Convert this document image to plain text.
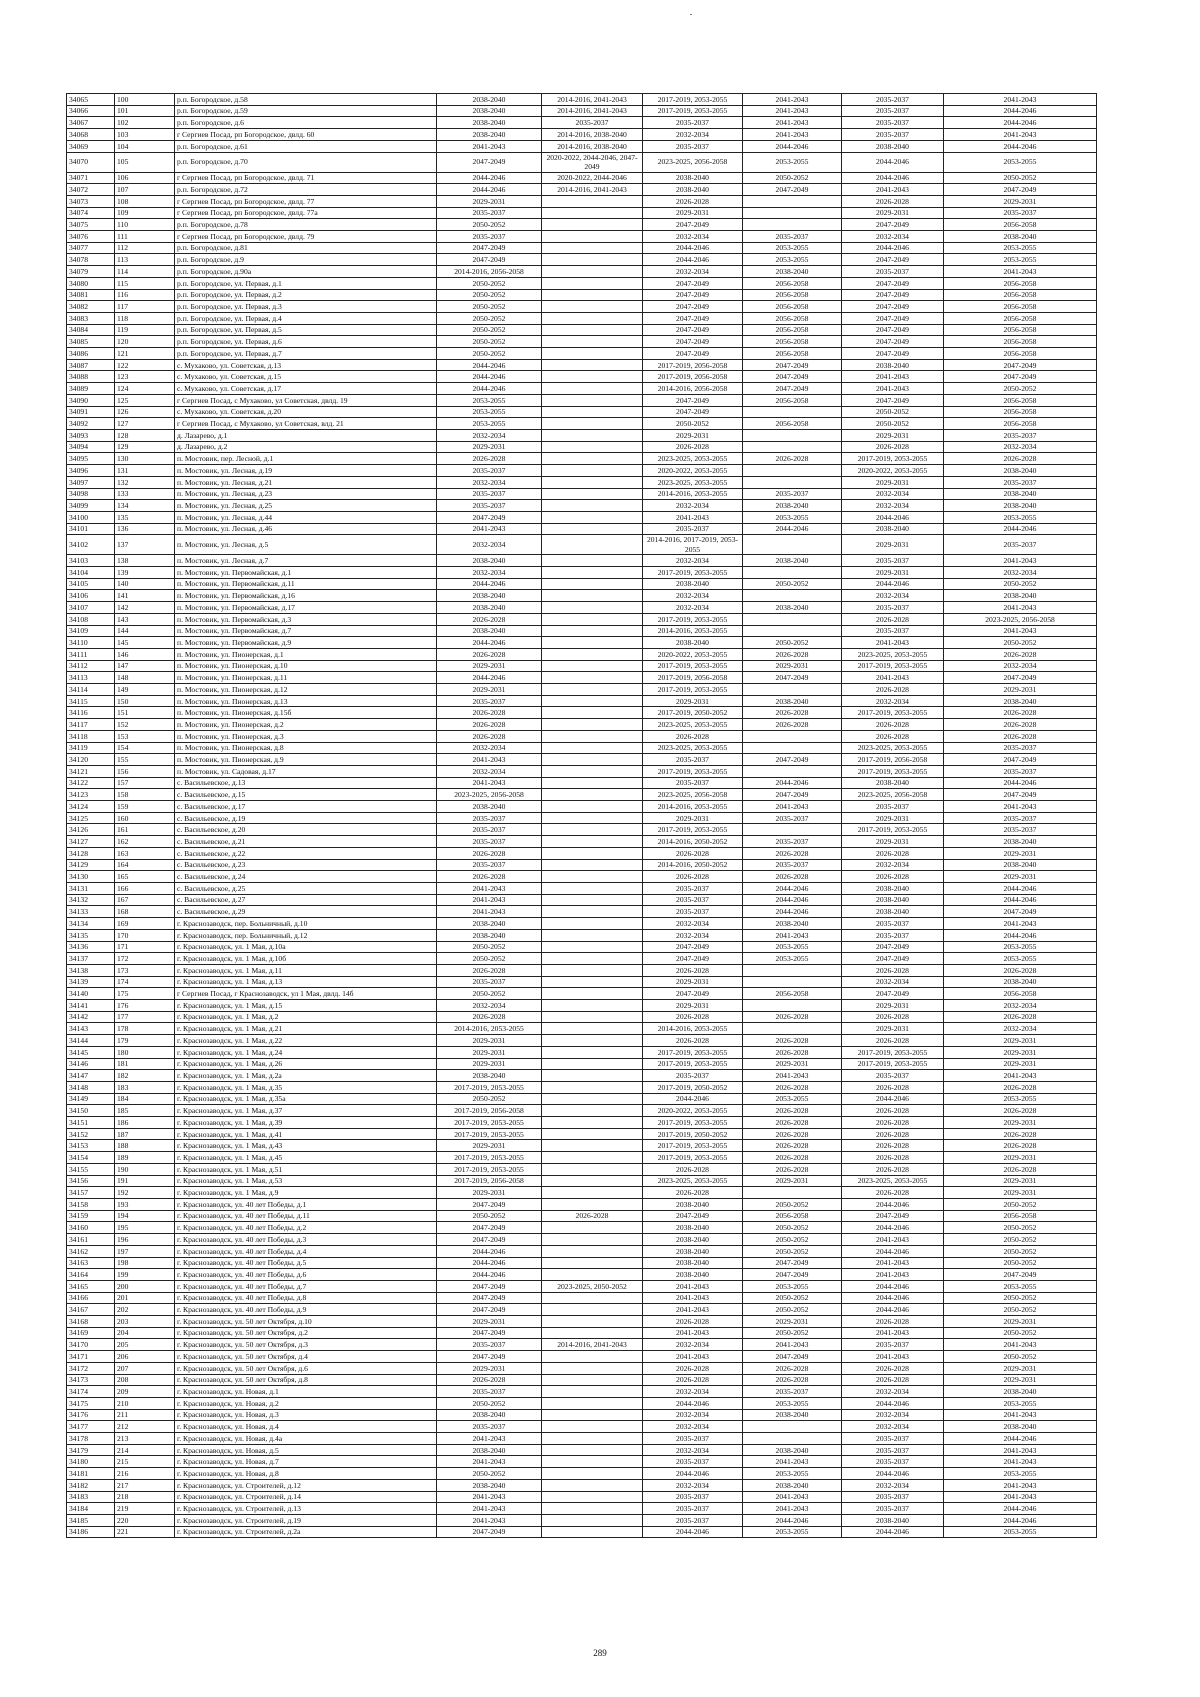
34065	100	р.п. Богородское, д.58	2038-2040	2014-2016, 2041-2043	2017-2019, 2053-2055	2041-2043	2035-2037	2041-2043
34066	101	р.п. Богородское, д.59	2038-2040	2014-2016, 2041-2043	2017-2019, 2053-2055	2041-2043	2035-2037	2044-2046
34067	102	р.п. Богородское, д.6	2038-2040	2035-2037	2035-2037	2041-2043	2035-2037	2044-2046
34068	103	г Сергиев Посад, рп Богородское, двлд. 60	2038-2040	2014-2016, 2038-2040	2032-2034	2041-2043	2035-2037	2041-2043
34069	104	р.п. Богородское, д.61	2041-2043	2014-2016, 2038-2040	2035-2037	2044-2046	2038-2040	2044-2046
34070	105	р.п. Богородское, д.70	2047-2049	2020-2022, 2044-2046, 2047-2049	2023-2025, 2056-2058	2053-2055	2044-2046	2053-2055
34071	106	г Сергиев Посад, рп Богородское, двлд. 71	2044-2046	2020-2022, 2044-2046	2038-2040	2050-2052	2044-2046	2050-2052
34072	107	р.п. Богородское, д.72	2044-2046	2014-2016, 2041-2043	2038-2040	2047-2049	2041-2043	2047-2049
34073	108	г Сергиев Посад, рп Богородское, двлд. 77	2029-2031		2026-2028		2026-2028	2029-2031
34074	109	г Сергиев Посад, рп Богородское, двлд. 77а	2035-2037		2029-2031		2029-2031	2035-2037
34075	110	р.п. Богородское, д.78	2050-2052		2047-2049		2047-2049	2056-2058
34076	111	г Сергиев Посад, рп Богородское, двлд. 79	2035-2037		2032-2034	2035-2037	2032-2034	2038-2040
34077	112	р.п. Богородское, д.81	2047-2049		2044-2046	2053-2055	2044-2046	2053-2055
34078	113	р.п. Богородское, д.9	2047-2049		2044-2046	2053-2055	2047-2049	2053-2055
34079	114	р.п. Богородское, д.90а	2014-2016, 2056-2058		2032-2034	2038-2040	2035-2037	2041-2043
34080	115	р.п. Богородское, ул. Первая, д.1	2050-2052		2047-2049	2056-2058	2047-2049	2056-2058
34081	116	р.п. Богородское, ул. Первая, д.2	2050-2052		2047-2049	2056-2058	2047-2049	2056-2058
34082	117	р.п. Богородское, ул. Первая, д.3	2050-2052		2047-2049	2056-2058	2047-2049	2056-2058
34083	118	р.п. Богородское, ул. Первая, д.4	2050-2052		2047-2049	2056-2058	2047-2049	2056-2058
34084	119	р.п. Богородское, ул. Первая, д.5	2050-2052		2047-2049	2056-2058	2047-2049	2056-2058
34085	120	р.п. Богородское, ул. Первая, д.6	2050-2052		2047-2049	2056-2058	2047-2049	2056-2058
34086	121	р.п. Богородское, ул. Первая, д.7	2050-2052		2047-2049	2056-2058	2047-2049	2056-2058
34087	122	с. Мухаково, ул. Советская, д.13	2044-2046		2017-2019, 2056-2058	2047-2049	2038-2040	2047-2049
34088	123	с. Мухаково, ул. Советская, д.15	2044-2046		2017-2019, 2056-2058	2047-2049	2041-2043	2047-2049
34089	124	с. Мухаково, ул. Советская, д.17	2044-2046		2014-2016, 2056-2058	2047-2049	2041-2043	2050-2052
34090	125	г Сергиев Посад, с Мухаково, ул Советская, двлд. 19	2053-2055		2047-2049	2056-2058	2047-2049	2056-2058
34091	126	с. Мухаково, ул. Советская, д.20	2053-2055		2047-2049		2050-2052	2056-2058
34092	127	г Сергиев Посад, с Мухаково, ул Советская, влд. 21	2053-2055		2050-2052	2056-2058	2050-2052	2056-2058
34093	128	д. Лазарево, д.1	2032-2034		2029-2031		2029-2031	2035-2037
34094	129	д. Лазарево, д.2	2029-2031		2026-2028		2026-2028	2032-2034
34095	130	п. Мостовик, пер. Лесной, д.1	2026-2028		2023-2025, 2053-2055	2026-2028	2017-2019, 2053-2055	2026-2028
34096	131	п. Мостовик, ул. Лесная, д.19	2035-2037		2020-2022, 2053-2055		2020-2022, 2053-2055	2038-2040
34097	132	п. Мостовик, ул. Лесная, д.21	2032-2034		2023-2025, 2053-2055		2029-2031	2035-2037
34098	133	п. Мостовик, ул. Лесная, д.23	2035-2037		2014-2016, 2053-2055	2035-2037	2032-2034	2038-2040
34099	134	п. Мостовик, ул. Лесная, д.25	2035-2037		2032-2034	2038-2040	2032-2034	2038-2040
34100	135	п. Мостовик, ул. Лесная, д.44	2047-2049		2041-2043	2053-2055	2044-2046	2053-2055
34101	136	п. Мостовик, ул. Лесная, д.46	2041-2043		2035-2037	2044-2046	2038-2040	2044-2046
34102	137	п. Мостовик, ул. Лесная, д.5	2032-2034		2014-2016, 2017-2019, 2053-2055		2029-2031	2035-2037
34103	138	п. Мостовик, ул. Лесная, д.7	2038-2040		2032-2034	2038-2040	2035-2037	2041-2043
34104	139	п. Мостовик, ул. Первомайская, д.1	2032-2034		2017-2019, 2053-2055		2029-2031	2032-2034
34105	140	п. Мостовик, ул. Первомайская, д.11	2044-2046		2038-2040	2050-2052	2044-2046	2050-2052
34106	141	п. Мостовик, ул. Первомайская, д.16	2038-2040		2032-2034		2032-2034	2038-2040
34107	142	п. Мостовик, ул. Первомайская, д.17	2038-2040		2032-2034	2038-2040	2035-2037	2041-2043
34108	143	п. Мостовик, ул. Первомайская, д.3	2026-2028		2017-2019, 2053-2055		2026-2028	2023-2025, 2056-2058
34109	144	п. Мостовик, ул. Первомайская, д.7	2038-2040		2014-2016, 2053-2055		2035-2037	2041-2043
34110	145	п. Мостовик, ул. Первомайская, д.9	2044-2046		2038-2040	2050-2052	2041-2043	2050-2052
34111	146	п. Мостовик, ул. Пионерская, д.1	2026-2028		2020-2022, 2053-2055	2026-2028	2023-2025, 2053-2055	2026-2028
34112	147	п. Мостовик, ул. Пионерская, д.10	2029-2031		2017-2019, 2053-2055	2029-2031	2017-2019, 2053-2055	2032-2034
34113	148	п. Мостовик, ул. Пионерская, д.11	2044-2046		2017-2019, 2056-2058	2047-2049	2041-2043	2047-2049
34114	149	п. Мостовик, ул. Пионерская, д.12	2029-2031		2017-2019, 2053-2055		2026-2028	2029-2031
34115	150	п. Мостовик, ул. Пионерская, д.13	2035-2037		2029-2031	2038-2040	2032-2034	2038-2040
34116	151	п. Мостовик, ул. Пионерская, д.15б	2026-2028		2017-2019, 2050-2052	2026-2028	2017-2019, 2053-2055	2026-2028
34117	152	п. Мостовик, ул. Пионерская, д.2	2026-2028		2023-2025, 2053-2055	2026-2028	2026-2028	2026-2028
34118	153	п. Мостовик, ул. Пионерская, д.3	2026-2028		2026-2028		2026-2028	2026-2028
34119	154	п. Мостовик, ул. Пионерская, д.8	2032-2034		2023-2025, 2053-2055		2023-2025, 2053-2055	2035-2037
34120	155	п. Мостовик, ул. Пионерская, д.9	2041-2043		2035-2037	2047-2049	2017-2019, 2056-2058	2047-2049
34121	156	п. Мостовик, ул. Садовая, д.17	2032-2034		2017-2019, 2053-2055		2017-2019, 2053-2055	2035-2037
34122	157	с. Васильевское, д.13	2041-2043		2035-2037	2044-2046	2038-2040	2044-2046
34123	158	с. Васильевское, д.15	2023-2025, 2056-2058		2023-2025, 2056-2058	2047-2049	2023-2025, 2056-2058	2047-2049
34124	159	с. Васильевское, д.17	2038-2040		2014-2016, 2053-2055	2041-2043	2035-2037	2041-2043
34125	160	с. Васильевское, д.19	2035-2037		2029-2031	2035-2037	2029-2031	2035-2037
34126	161	с. Васильевское, д.20	2035-2037		2017-2019, 2053-2055		2017-2019, 2053-2055	2035-2037
34127	162	с. Васильевское, д.21	2035-2037		2014-2016, 2050-2052	2035-2037	2029-2031	2038-2040
34128	163	с. Васильевское, д.22	2026-2028		2026-2028	2026-2028	2026-2028	2029-2031
34129	164	с. Васильевское, д.23	2035-2037		2014-2016, 2050-2052	2035-2037	2032-2034	2038-2040
34130	165	с. Васильевское, д.24	2026-2028		2026-2028	2026-2028	2026-2028	2029-2031
34131	166	с. Васильевское, д.25	2041-2043		2035-2037	2044-2046	2038-2040	2044-2046
34132	167	с. Васильевское, д.27	2041-2043		2035-2037	2044-2046	2038-2040	2044-2046
34133	168	с. Васильевское, д.29	2041-2043		2035-2037	2044-2046	2038-2040	2047-2049
34134	169	г. Краснозаводск, пер. Больничный, д.10	2038-2040		2032-2034	2038-2040	2035-2037	2041-2043
34135	170	г. Краснозаводск, пер. Больничный, д.12	2038-2040		2032-2034	2041-2043	2035-2037	2044-2046
34136	171	г. Краснозаводск, ул. 1 Мая, д.10а	2050-2052		2047-2049	2053-2055	2047-2049	2053-2055
34137	172	г. Краснозаводск, ул. 1 Мая, д.10б	2050-2052		2047-2049	2053-2055	2047-2049	2053-2055
34138	173	г. Краснозаводск, ул. 1 Мая, д.11	2026-2028		2026-2028		2026-2028	2026-2028
34139	174	г. Краснозаводск, ул. 1 Мая, д.13	2035-2037		2029-2031		2032-2034	2038-2040
34140	175	г Сергиев Посад, г Краснозаводск, ул 1 Мая, двлд. 14б	2050-2052		2047-2049	2056-2058	2047-2049	2056-2058
34141	176	г. Краснозаводск, ул. 1 Мая, д.15	2032-2034		2029-2031		2029-2031	2032-2034
34142	177	г. Краснозаводск, ул. 1 Мая, д.2	2026-2028		2026-2028	2026-2028	2026-2028	2026-2028
34143	178	г. Краснозаводск, ул. 1 Мая, д.21	2014-2016, 2053-2055		2014-2016, 2053-2055		2029-2031	2032-2034
34144	179	г. Краснозаводск, ул. 1 Мая, д.22	2029-2031		2026-2028	2026-2028	2026-2028	2029-2031
34145	180	г. Краснозаводск, ул. 1 Мая, д.24	2029-2031		2017-2019, 2053-2055	2026-2028	2017-2019, 2053-2055	2029-2031
34146	181	г. Краснозаводск, ул. 1 Мая, д.26	2029-2031		2017-2019, 2053-2055	2029-2031	2017-2019, 2053-2055	2029-2031
34147	182	г. Краснозаводск, ул. 1 Мая, д.2а	2038-2040		2035-2037	2041-2043	2035-2037	2041-2043
34148	183	г. Краснозаводск, ул. 1 Мая, д.35	2017-2019, 2053-2055		2017-2019, 2050-2052	2026-2028	2026-2028	2026-2028
34149	184	г. Краснозаводск, ул. 1 Мая, д.35а	2050-2052		2044-2046	2053-2055	2044-2046	2053-2055
34150	185	г. Краснозаводск, ул. 1 Мая, д.37	2017-2019, 2056-2058		2020-2022, 2053-2055	2026-2028	2026-2028	2026-2028
34151	186	г. Краснозаводск, ул. 1 Мая, д.39	2017-2019, 2053-2055		2017-2019, 2053-2055	2026-2028	2026-2028	2029-2031
34152	187	г. Краснозаводск, ул. 1 Мая, д.41	2017-2019, 2053-2055		2017-2019, 2050-2052	2026-2028	2026-2028	2026-2028
34153	188	г. Краснозаводск, ул. 1 Мая, д.43	2029-2031		2017-2019, 2053-2055	2026-2028	2026-2028	2026-2028
34154	189	г. Краснозаводск, ул. 1 Мая, д.45	2017-2019, 2053-2055		2017-2019, 2053-2055	2026-2028	2026-2028	2029-2031
34155	190	г. Краснозаводск, ул. 1 Мая, д.51	2017-2019, 2053-2055		2026-2028	2026-2028	2026-2028	2026-2028
34156	191	г. Краснозаводск, ул. 1 Мая, д.53	2017-2019, 2056-2058		2023-2025, 2053-2055	2029-2031	2023-2025, 2053-2055	2029-2031
34157	192	г. Краснозаводск, ул. 1 Мая, д.9	2029-2031		2026-2028		2026-2028	2029-2031
34158	193	г. Краснозаводск, ул. 40 лет Победы, д.1	2047-2049		2038-2040	2050-2052	2044-2046	2050-2052
34159	194	г. Краснозаводск, ул. 40 лет Победы, д.11	2050-2052	2026-2028	2047-2049	2056-2058	2047-2049	2056-2058
34160	195	г. Краснозаводск, ул. 40 лет Победы, д.2	2047-2049		2038-2040	2050-2052	2044-2046	2050-2052
34161	196	г. Краснозаводск, ул. 40 лет Победы, д.3	2047-2049		2038-2040	2050-2052	2041-2043	2050-2052
34162	197	г. Краснозаводск, ул. 40 лет Победы, д.4	2044-2046		2038-2040	2050-2052	2044-2046	2050-2052
34163	198	г. Краснозаводск, ул. 40 лет Победы, д.5	2044-2046		2038-2040	2047-2049	2041-2043	2050-2052
34164	199	г. Краснозаводск, ул. 40 лет Победы, д.6	2044-2046		2038-2040	2047-2049	2041-2043	2047-2049
34165	200	г. Краснозаводск, ул. 40 лет Победы, д.7	2047-2049	2023-2025, 2050-2052	2041-2043	2053-2055	2044-2046	2053-2055
34166	201	г. Краснозаводск, ул. 40 лет Победы, д.8	2047-2049		2041-2043	2050-2052	2044-2046	2050-2052
34167	202	г. Краснозаводск, ул. 40 лет Победы, д.9	2047-2049		2041-2043	2050-2052	2044-2046	2050-2052
34168	203	г. Краснозаводск, ул. 50 лет Октября, д.10	2029-2031		2026-2028	2029-2031	2026-2028	2029-2031
34169	204	г. Краснозаводск, ул. 50 лет Октября, д.2	2047-2049		2041-2043	2050-2052	2041-2043	2050-2052
34170	205	г. Краснозаводск, ул. 50 лет Октября, д.3	2035-2037	2014-2016, 2041-2043	2032-2034	2041-2043	2035-2037	2041-2043
34171	206	г. Краснозаводск, ул. 50 лет Октября, д.4	2047-2049		2041-2043	2047-2049	2041-2043	2050-2052
34172	207	г. Краснозаводск, ул. 50 лет Октября, д.6	2029-2031		2026-2028	2026-2028	2026-2028	2029-2031
34173	208	г. Краснозаводск, ул. 50 лет Октября, д.8	2026-2028		2026-2028	2026-2028	2026-2028	2029-2031
34174	209	г. Краснозаводск, ул. Новая, д.1	2035-2037		2032-2034	2035-2037	2032-2034	2038-2040
34175	210	г. Краснозаводск, ул. Новая, д.2	2050-2052		2044-2046	2053-2055	2044-2046	2053-2055
34176	211	г. Краснозаводск, ул. Новая, д.3	2038-2040		2032-2034	2038-2040	2032-2034	2041-2043
34177	212	г. Краснозаводск, ул. Новая, д.4	2035-2037		2032-2034		2032-2034	2038-2040
34178	213	г. Краснозаводск, ул. Новая, д.4а	2041-2043		2035-2037		2035-2037	2044-2046
34179	214	г. Краснозаводск, ул. Новая, д.5	2038-2040		2032-2034	2038-2040	2035-2037	2041-2043
34180	215	г. Краснозаводск, ул. Новая, д.7	2041-2043		2035-2037	2041-2043	2035-2037	2041-2043
34181	216	г. Краснозаводск, ул. Новая, д.8	2050-2052		2044-2046	2053-2055	2044-2046	2053-2055
34182	217	г. Краснозаводск, ул. Строителей, д.12	2038-2040		2032-2034	2038-2040	2032-2034	2041-2043
34183	218	г. Краснозаводск, ул. Строителей, д.14	2041-2043		2035-2037	2041-2043	2035-2037	2041-2043
34184	219	г. Краснозаводск, ул. Строителей, д.13	2041-2043		2035-2037	2041-2043	2035-2037	2044-2046
34185	220	г. Краснозаводск, ул. Строителей, д.19	2041-2043		2035-2037	2044-2046	2038-2040	2044-2046
34186	221	г. Краснозаводск, ул. Строителей, д.2а	2047-2049		2044-2046	2053-2055	2044-2046	2053-2055
289
